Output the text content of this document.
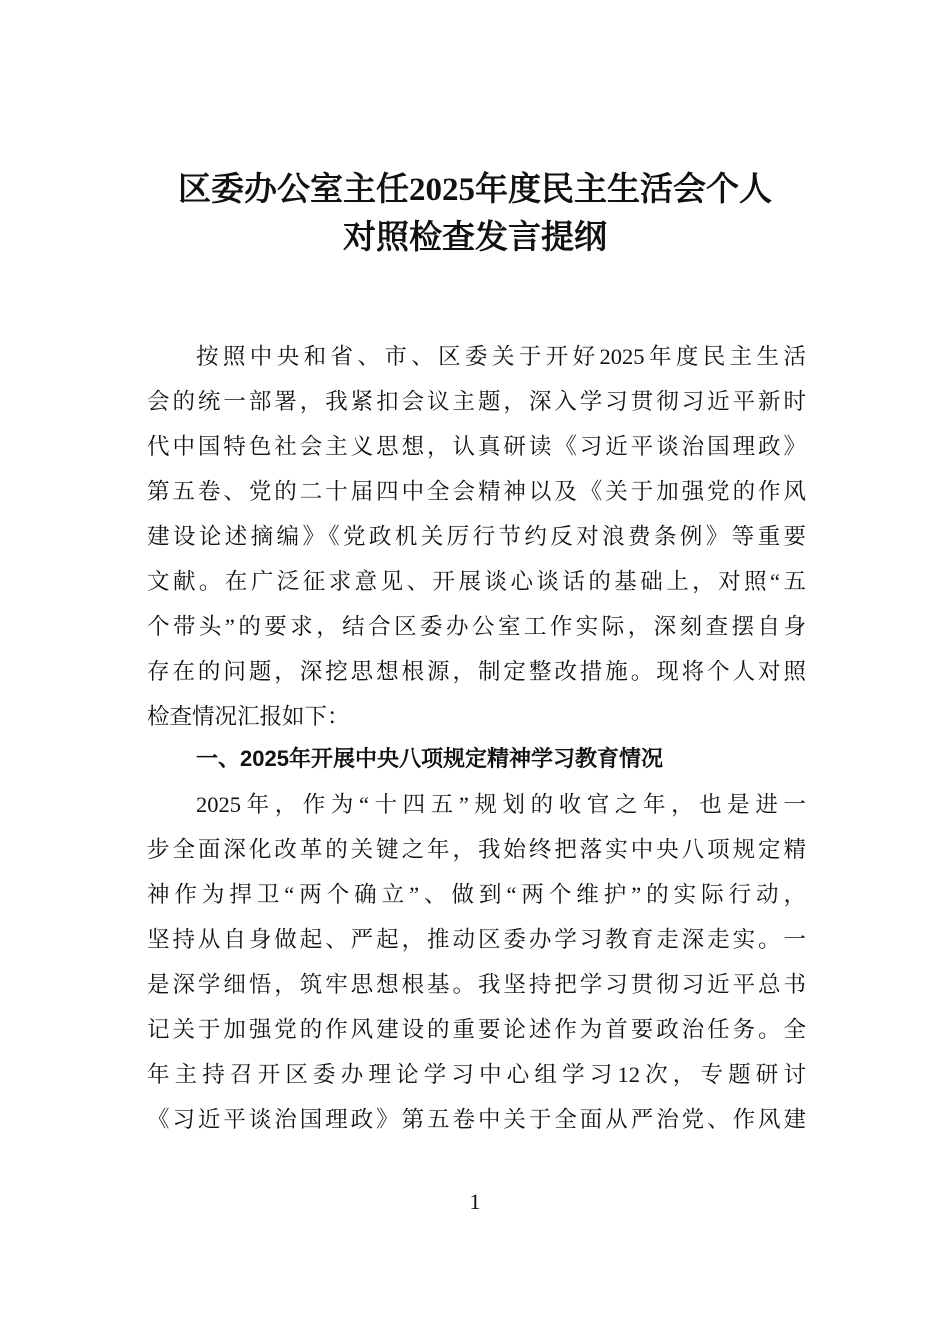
区委办公室主任2025年度民主生活会个人
对照检查发言提纲
按照中央和省、市、区委关于开好2025年度民主生活
会的统一部署，我紧扣会议主题，深入学习贯彻习近平新时
代中国特色社会主义思想，认真研读《习近平谈治国理政》
第五卷、党的二十届四中全会精神以及《关于加强党的作风
建设论述摘编》《党政机关厉行节约反对浪费条例》等重要
文献。在广泛征求意见、开展谈心谈话的基础上，对照“五
个带头”的要求，结合区委办公室工作实际，深刻查摆自身
存在的问题，深挖思想根源，制定整改措施。现将个人对照
检查情况汇报如下：
一、2025年开展中央八项规定精神学习教育情况
2025年，作为“十四五”规划的收官之年，也是进一
步全面深化改革的关键之年，我始终把落实中央八项规定精
神作为捍卫“两个确立”、做到“两个维护”的实际行动，
坚持从自身做起、严起，推动区委办学习教育走深走实。一
是深学细悟，筑牢思想根基。我坚持把学习贯彻习近平总书
记关于加强党的作风建设的重要论述作为首要政治任务。全
年主持召开区委办理论学习中心组学习12次，专题研讨
《习近平谈治国理政》第五卷中关于全面从严治党、作风建
1
